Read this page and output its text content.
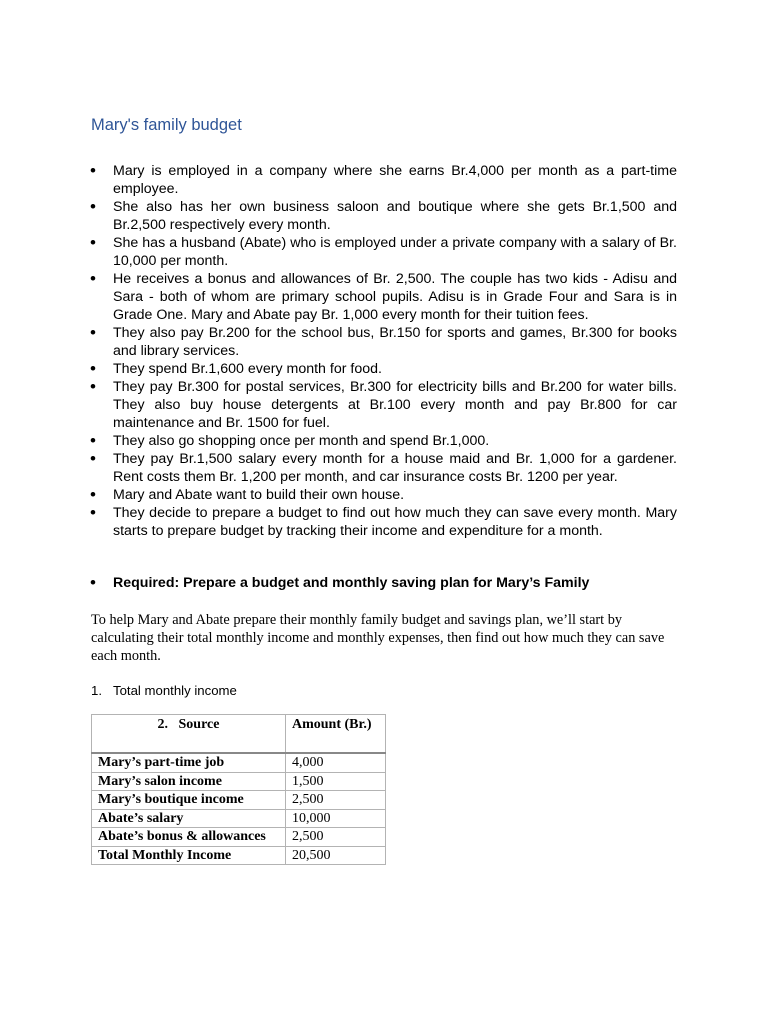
Mary's family budget
• Mary is employed in a company where she earns Br.4,000 per month as a part-time employee.
• She also has her own business saloon and boutique where she gets Br.1,500 and Br.2,500 respectively every month.
• She has a husband (Abate) who is employed under a private company with a salary of Br. 10,000 per month.
• He receives a bonus and allowances of Br. 2,500. The couple has two kids - Adisu and Sara - both of whom are primary school pupils. Adisu is in Grade Four and Sara is in Grade One. Mary and Abate pay Br. 1,000 every month for their tuition fees.
• They also pay Br.200 for the school bus, Br.150 for sports and games, Br.300 for books and library services.
• They spend Br.1,600 every month for food.
• They pay Br.300 for postal services, Br.300 for electricity bills and Br.200 for water bills. They also buy house detergents at Br.100 every month and pay Br.800 for car maintenance and Br. 1500 for fuel.
• They also go shopping once per month and spend Br.1,000.
• They pay Br.1,500 salary every month for a house maid and Br. 1,000 for a gardener. Rent costs them Br. 1,200 per month, and car insurance costs Br. 1200 per year.
• Mary and Abate want to build their own house.
• They decide to prepare a budget to find out how much they can save every month. Mary starts to prepare budget by tracking their income and expenditure for a month.

• Required: Prepare a budget and monthly saving plan for Mary’s Family

To help Mary and Abate prepare their monthly family budget and savings plan, we’ll start by calculating their total monthly income and monthly expenses, then find out how much they can save each month.

1. Total monthly income

2. Source	Amount (Br.)
Mary’s part-time job	4,000
Mary’s salon income	1,500
Mary’s boutique income	2,500
Abate’s salary	10,000
Abate’s bonus & allowances	2,500
Total Monthly Income	20,500
